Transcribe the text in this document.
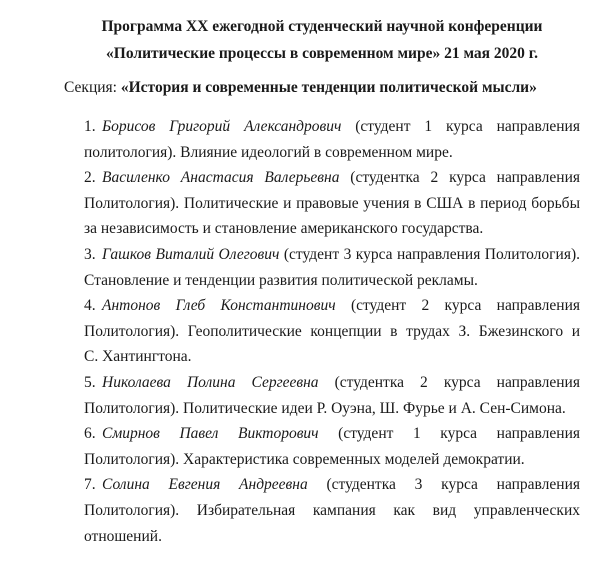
Программа XX ежегодной студенческий научной конференции
«Политические процессы в современном мире» 21 мая 2020 г.
Секция: «История и современные тенденции политической мысли»
1. Борисов Григорий Александрович (студент 1 курса направления политология). Влияние идеологий в современном мире.
2. Василенко Анастасия Валерьевна (студентка 2 курса направления Политология). Политические и правовые учения в США в период борьбы за независимость и становление американского государства.
3. Гашков Виталий Олегович (студент 3 курса направления Политология). Становление и тенденции развития политической рекламы.
4. Антонов Глеб Константинович (студент 2 курса направления Политология). Геополитические концепции в трудах З. Бжезинского и С. Хантингтона.
5. Николаева Полина Сергеевна (студентка 2 курса направления Политология). Политические идеи Р. Оуэна, Ш. Фурье и А. Сен-Симона.
6. Смирнов Павел Викторович (студент 1 курса направления Политология). Характеристика современных моделей демократии.
7. Солина Евгения Андреевна (студентка 3 курса направления Политология). Избирательная кампания как вид управленческих отношений.
